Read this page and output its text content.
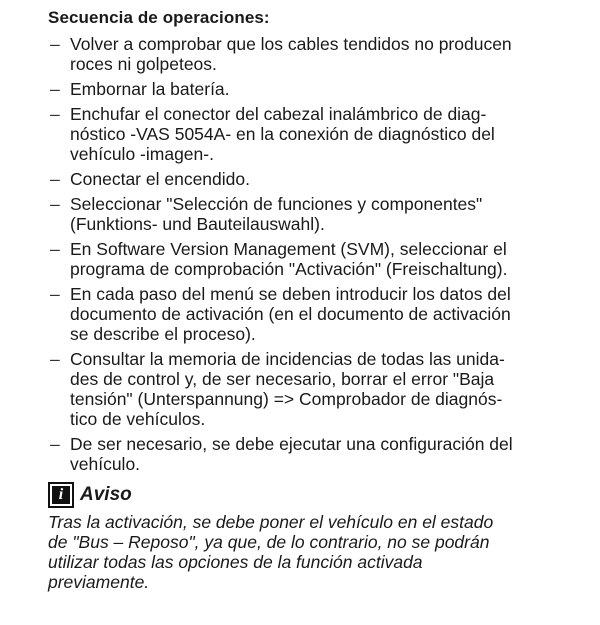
Secuencia de operaciones:
– Volver a comprobar que los cables tendidos no producen
roces ni golpeteos.
– Embornar la batería.
– Enchufar el conector del cabezal inalámbrico de diag-
nóstico -VAS 5054A- en la conexión de diagnóstico del
vehículo -imagen-.
– Conectar el encendido.
– Seleccionar "Selección de funciones y componentes"
(Funktions- und Bauteilauswahl).
– En Software Version Management (SVM), seleccionar el
programa de comprobación "Activación" (Freischaltung).
– En cada paso del menú se deben introducir los datos del
documento de activación (en el documento de activación
se describe el proceso).
– Consultar la memoria de incidencias de todas las unida-
des de control y, de ser necesario, borrar el error "Baja
tensión" (Unterspannung) => Comprobador de diagnós-
tico de vehículos.
– De ser necesario, se debe ejecutar una configuración del
vehículo.
i Aviso
Tras la activación, se debe poner el vehículo en el estado
de "Bus – Reposo", ya que, de lo contrario, no se podrán
utilizar todas las opciones de la función activada
previamente.
